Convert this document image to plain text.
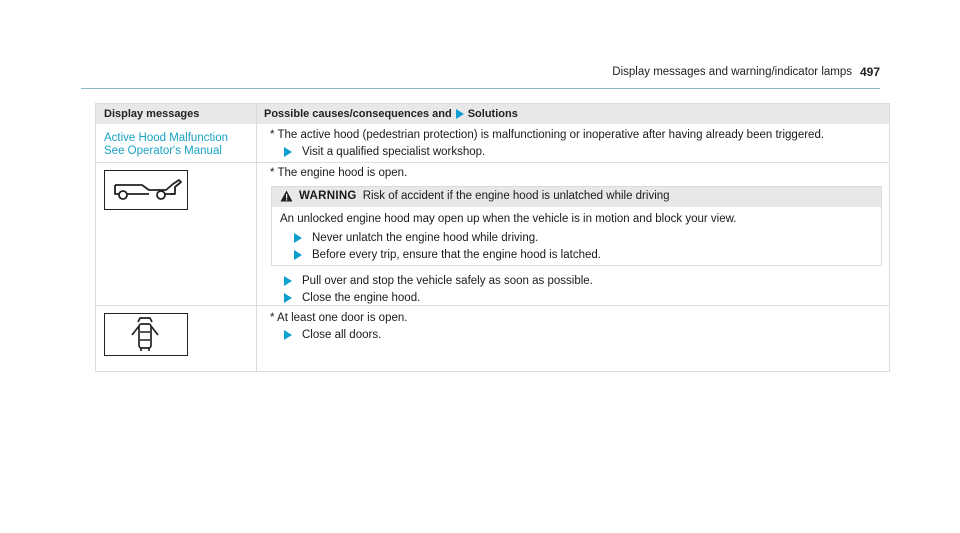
Display messages and warning/indicator lamps 497
Display messages	Possible causes/consequences and Solutions
Active Hood Malfunction
See Operator's Manual
* The active hood (pedestrian protection) is malfunctioning or inoperative after having already been triggered.
Visit a qualified specialist workshop.
* The engine hood is open.
WARNING Risk of accident if the engine hood is unlatched while driving
An unlocked engine hood may open up when the vehicle is in motion and block your view.
Never unlatch the engine hood while driving.
Before every trip, ensure that the engine hood is latched.
Pull over and stop the vehicle safely as soon as possible.
Close the engine hood.
* At least one door is open.
Close all doors.
